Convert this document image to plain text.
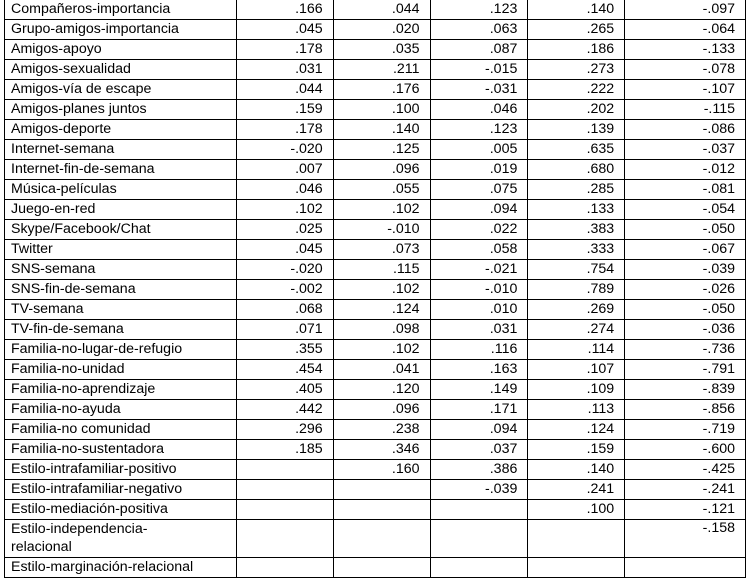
Compañeros-importancia	.166	.044	.123	.140	-.097
Grupo-amigos-importancia	.045	.020	.063	.265	-.064
Amigos-apoyo	.178	.035	.087	.186	-.133
Amigos-sexualidad	.031	.211	-.015	.273	-.078
Amigos-vía de escape	.044	.176	-.031	.222	-.107
Amigos-planes juntos	.159	.100	.046	.202	-.115
Amigos-deporte	.178	.140	.123	.139	-.086
Internet-semana	-.020	.125	.005	.635	-.037
Internet-fin-de-semana	.007	.096	.019	.680	-.012
Música-películas	.046	.055	.075	.285	-.081
Juego-en-red	.102	.102	.094	.133	-.054
Skype/Facebook/Chat	.025	-.010	.022	.383	-.050
Twitter	.045	.073	.058	.333	-.067
SNS-semana	-.020	.115	-.021	.754	-.039
SNS-fin-de-semana	-.002	.102	-.010	.789	-.026
TV-semana	.068	.124	.010	.269	-.050
TV-fin-de-semana	.071	.098	.031	.274	-.036
Familia-no-lugar-de-refugio	.355	.102	.116	.114	-.736
Familia-no-unidad	.454	.041	.163	.107	-.791
Familia-no-aprendizaje	.405	.120	.149	.109	-.839
Familia-no-ayuda	.442	.096	.171	.113	-.856
Familia-no comunidad	.296	.238	.094	.124	-.719
Familia-no-sustentadora	.185	.346	.037	.159	-.600
Estilo-intrafamiliar-positivo		.160	.386	.140	-.425
Estilo-intrafamiliar-negativo			-.039	.241	-.241
Estilo-mediación-positiva				.100	-.121
Estilo-independencia-
relacional					-.158
Estilo-marginación-relacional					
